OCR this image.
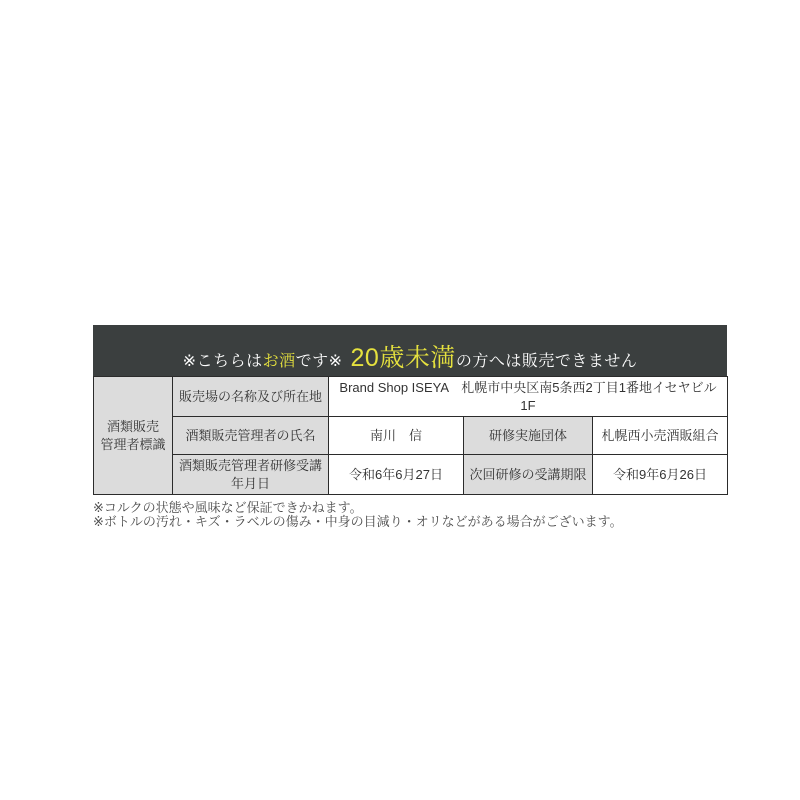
※こちらは お酒 です※ 20歳未満 の方へは販売できません
酒類販売
管理者標識	販売場の名称及び所在地	Brand Shop ISEYA　札幌市中央区南5条西2丁目1番地イセヤビル1F		
	酒類販売管理者の氏名	南川　信	研修実施団体	札幌西小売酒販組合
	酒類販売管理者研修受講年月日	令和6年6月27日	次回研修の受講期限	令和9年6月26日
※コルクの状態や風味など保証できかねます。
※ボトルの汚れ・キズ・ラベルの傷み・中身の目減り・オリなどがある場合がございます。
